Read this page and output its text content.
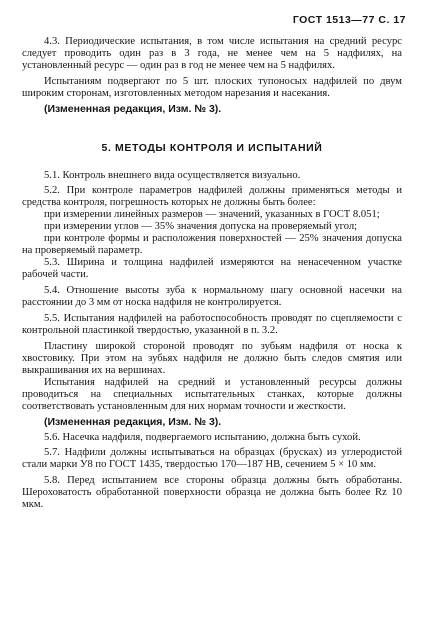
ГОСТ 1513—77 С. 17

4.3. Периодические испытания, в том числе испытания на средний ресурс следует проводить один раз в 3 года, не менее чем на 5 надфилях, на установленный ресурс — один раз в год не менее чем на 5 надфилях.

Испытаниям подвергают по 5 шт. плоских тупоносых надфилей по двум широким сторонам, изготовленных методом нарезания и насекания.

(Измененная редакция, Изм. № 3).

5. МЕТОДЫ КОНТРОЛЯ И ИСПЫТАНИЙ

5.1. Контроль внешнего вида осуществляется визуально.

5.2. При контроле параметров надфилей должны применяться методы и средства контроля, погрешность которых не должны быть более:

при измерении линейных размеров — значений, указанных в ГОСТ 8.051;

при измерении углов — 35% значения допуска на проверяемый угол;

при контроле формы и расположения поверхностей — 25% значения допуска на проверяемый параметр.

5.3. Ширина и толщина надфилей измеряются на ненасеченном участке рабочей части.

5.4. Отношение высоты зуба к нормальному шагу основной насечки на расстоянии до 3 мм от носка надфиля не контролируется.

5.5. Испытания надфилей на работоспособность проводят по сцепляемости с контрольной пластинкой твердостью, указанной в п. 3.2.

Пластину широкой стороной проводят по зубьям надфиля от носка к хвостовику. При этом на зубьях надфиля не должно быть следов смятия или выкрашивания их на вершинах.

Испытания надфилей на средний и установленный ресурсы должны проводиться на специальных испытательных станках, которые должны соответствовать установленным для них нормам точности и жесткости.

(Измененная редакция, Изм. № 3).

5.6. Насечка надфиля, подвергаемого испытанию, должна быть сухой.

5.7. Надфили должны испытываться на образцах (брусках) из углеродистой стали марки У8 по ГОСТ 1435, твердостью 170—187 НВ, сечением 5 × 10 мм.

5.8. Перед испытанием все стороны образца должны быть обработаны. Шероховатость обработанной поверхности образца не должна быть более Rz 10 мкм.
